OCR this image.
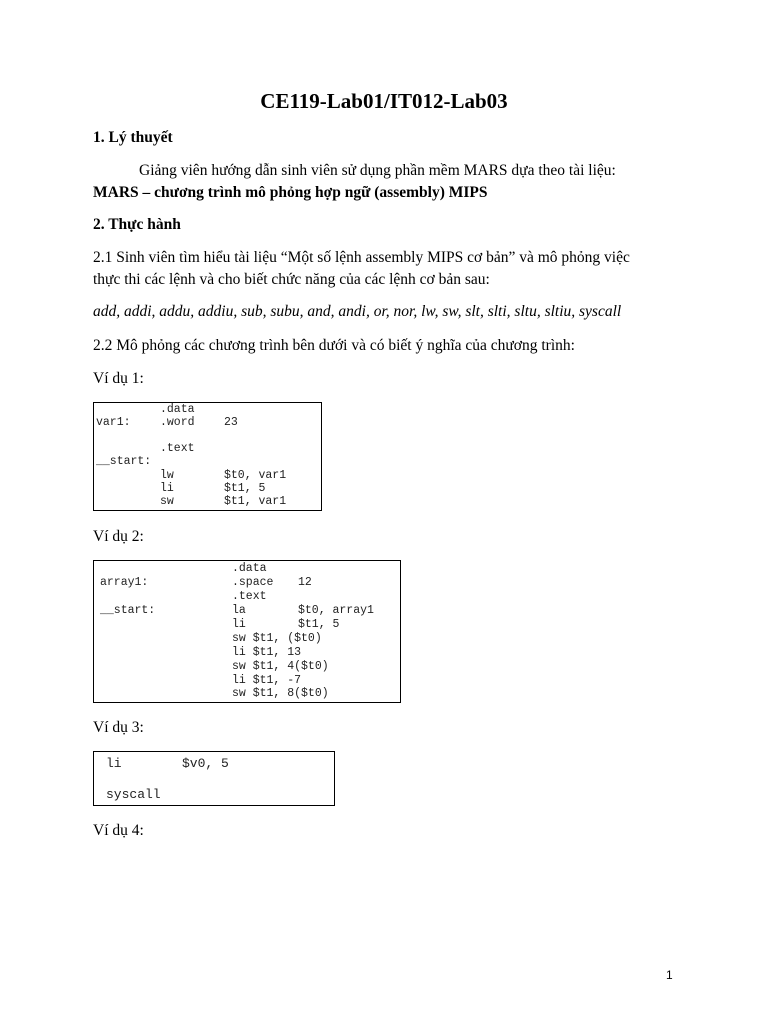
CE119-Lab01/IT012-Lab03
1. Lý thuyết
Giảng viên hướng dẫn sinh viên sử dụng phần mềm MARS dựa theo tài liệu:
MARS – chương trình mô phỏng hợp ngữ (assembly) MIPS
2. Thực hành
2.1 Sinh viên tìm hiểu tài liệu “Một số lệnh assembly MIPS cơ bản” và mô phỏng việc
thực thi các lệnh và cho biết chức năng của các lệnh cơ bản sau:
add, addi, addu, addiu, sub, subu, and, andi, or, nor, lw, sw, slt, slti, sltu, sltiu, syscall
2.2 Mô phỏng các chương trình bên dưới và có biết ý nghĩa của chương trình:
Ví dụ 1:
.data
var1:	.word	23
.text
__start:
lw	$t0, var1
li	$t1, 5
sw	$t1, var1
Ví dụ 2:
.data
array1:	.space 12
.text
__start:	la	$t0, array1
li	$t1, 5
sw $t1, ($t0)
li $t1, 13
sw $t1, 4($t0)
li $t1, -7
sw $t1, 8($t0)
Ví dụ 3:
li	$v0, 5
syscall
Ví dụ 4:
1
